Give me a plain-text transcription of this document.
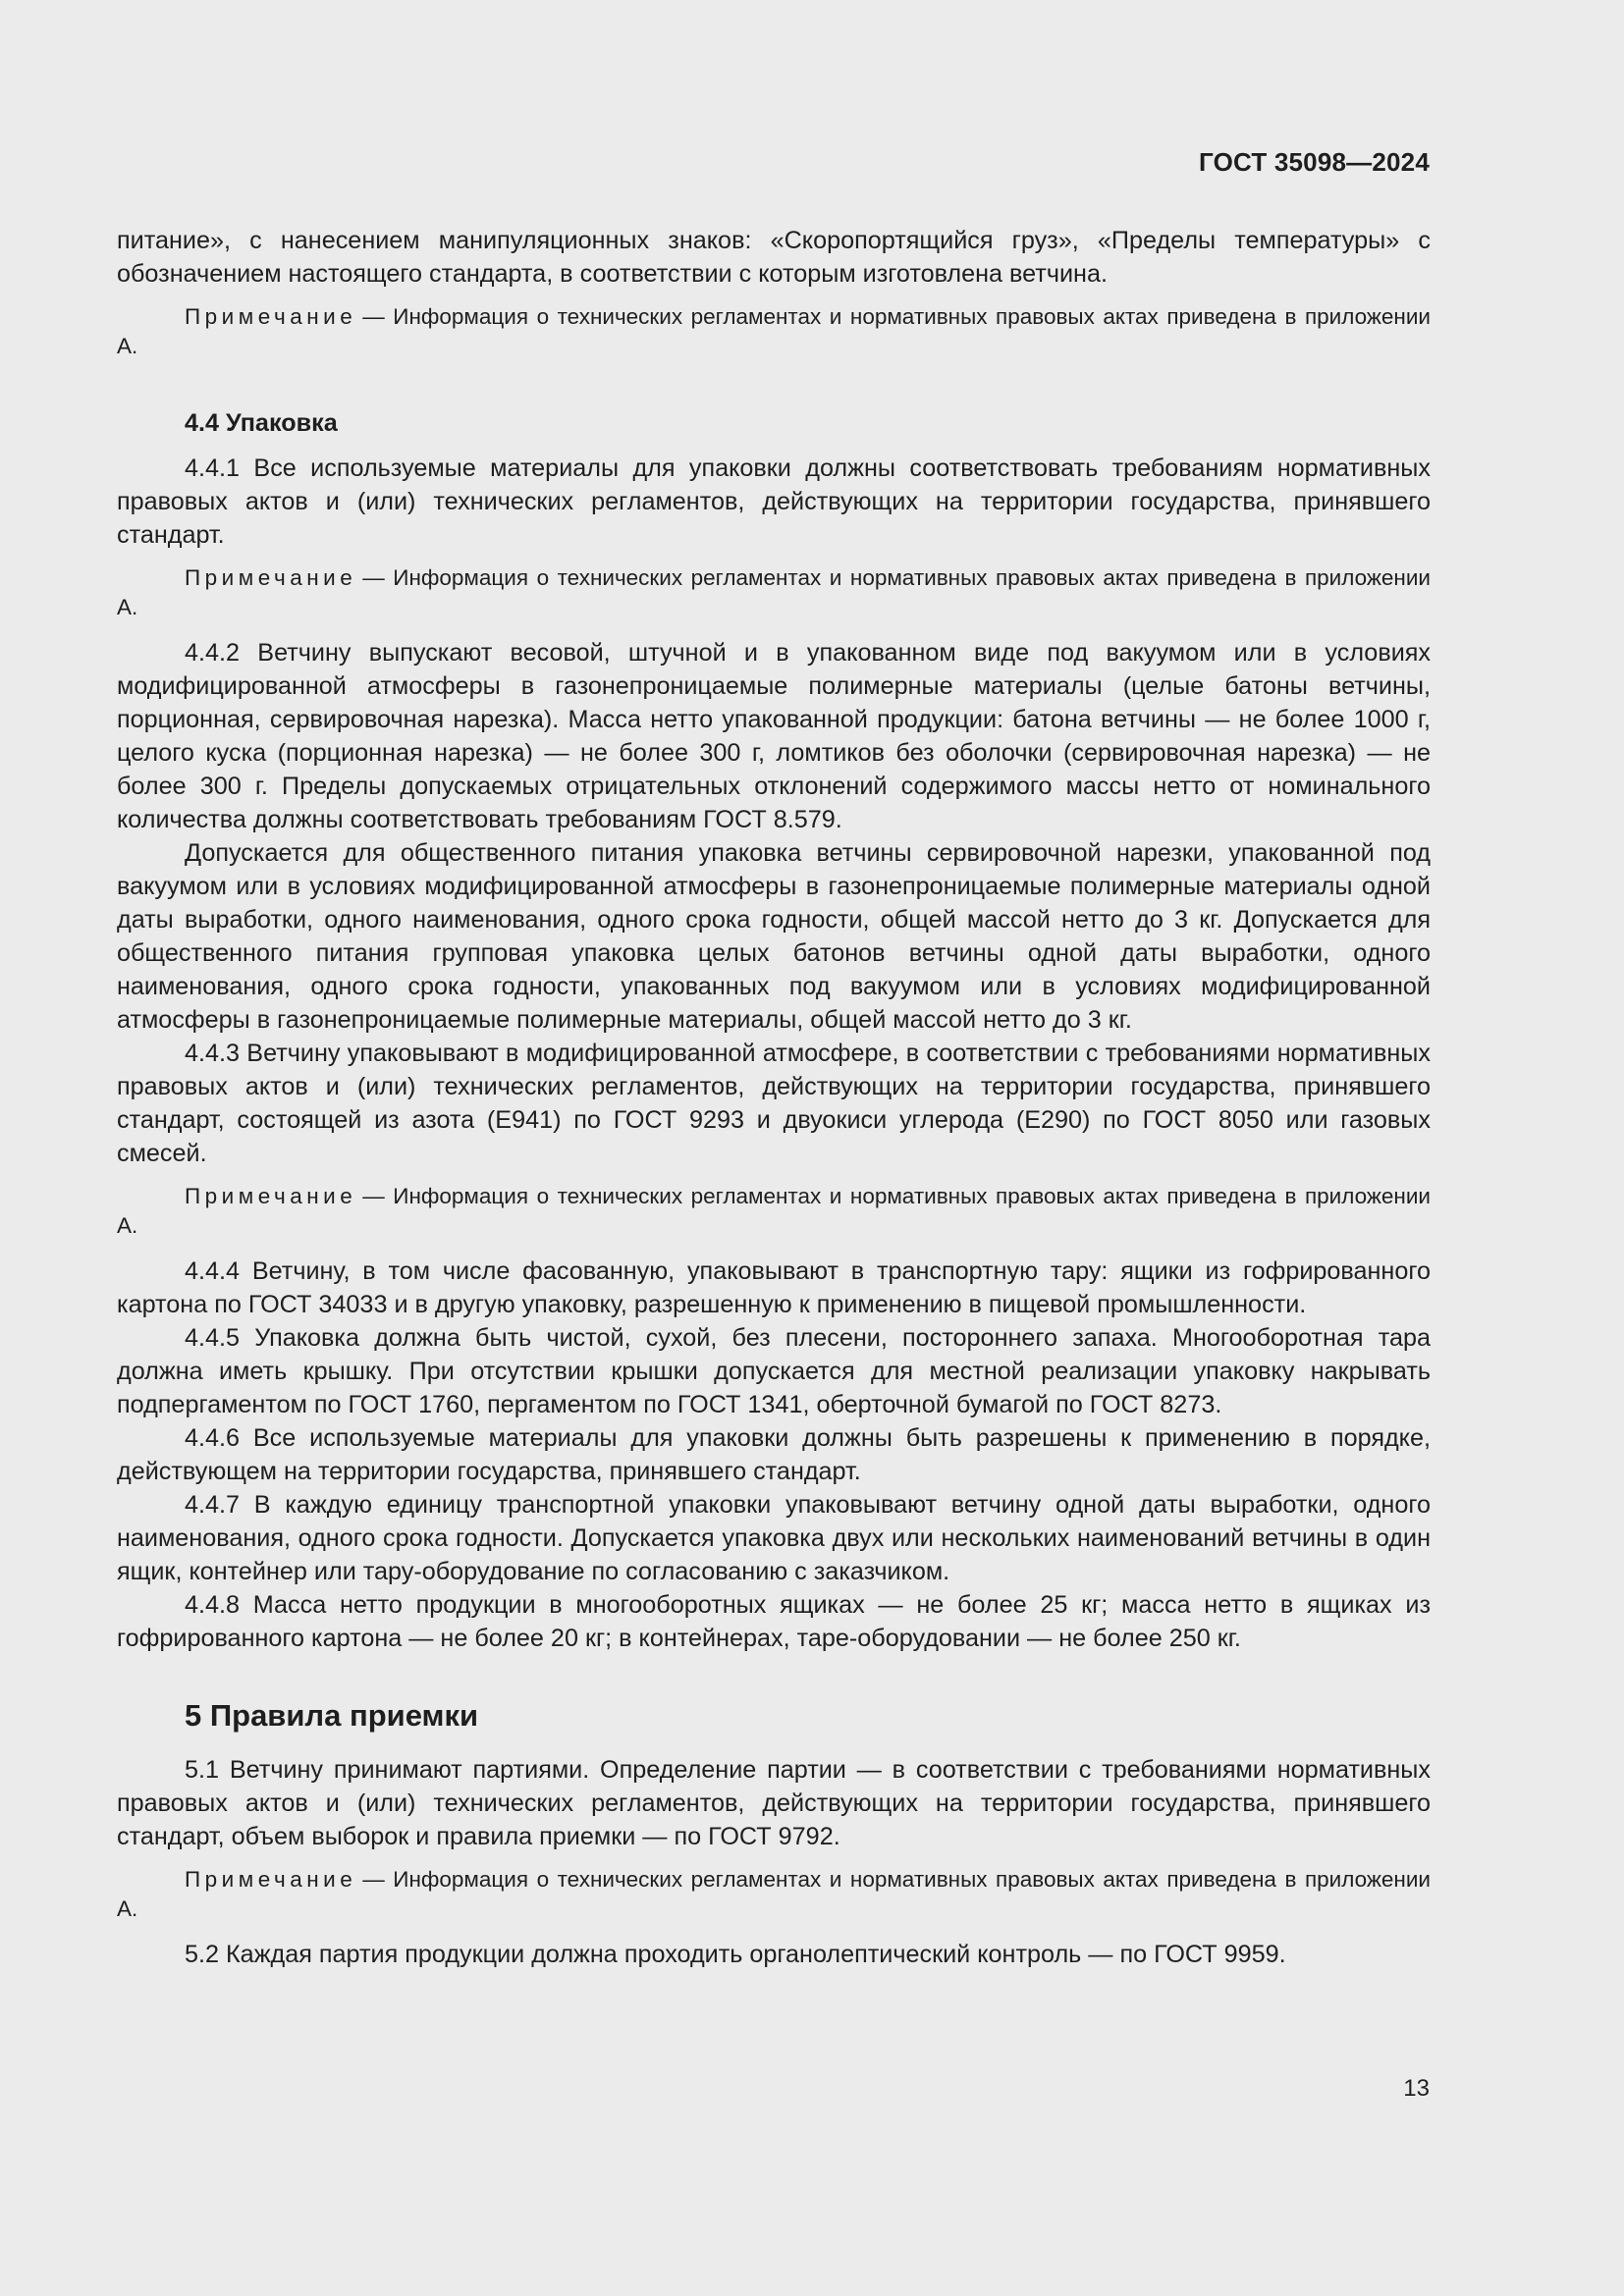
ГОСТ 35098—2024

питание», с нанесением манипуляционных знаков: «Скоропортящийся груз», «Пределы температуры» с обозначением настоящего стандарта, в соответствии с которым изготовлена ветчина.

Примечание — Информация о технических регламентах и нормативных правовых актах приведена в приложении А.

4.4 Упаковка

4.4.1 Все используемые материалы для упаковки должны соответствовать требованиям нормативных правовых актов и (или) технических регламентов, действующих на территории государства, принявшего стандарт.

Примечание — Информация о технических регламентах и нормативных правовых актах приведена в приложении А.

4.4.2 Ветчину выпускают весовой, штучной и в упакованном виде под вакуумом или в условиях модифицированной атмосферы в газонепроницаемые полимерные материалы (целые батоны ветчины, порционная, сервировочная нарезка). Масса нетто упакованной продукции: батона ветчины — не более 1000 г, целого куска (порционная нарезка) — не более 300 г, ломтиков без оболочки (сервировочная нарезка) — не более 300 г. Пределы допускаемых отрицательных отклонений содержимого массы нетто от номинального количества должны соответствовать требованиям ГОСТ 8.579.

Допускается для общественного питания упаковка ветчины сервировочной нарезки, упакованной под вакуумом или в условиях модифицированной атмосферы в газонепроницаемые полимерные материалы одной даты выработки, одного наименования, одного срока годности, общей массой нетто до 3 кг. Допускается для общественного питания групповая упаковка целых батонов ветчины одной даты выработки, одного наименования, одного срока годности, упакованных под вакуумом или в условиях модифицированной атмосферы в газонепроницаемые полимерные материалы, общей массой нетто до 3 кг.

4.4.3 Ветчину упаковывают в модифицированной атмосфере, в соответствии с требованиями нормативных правовых актов и (или) технических регламентов, действующих на территории государства, принявшего стандарт, состоящей из азота (Е941) по ГОСТ 9293 и двуокиси углерода (Е290) по ГОСТ 8050 или газовых смесей.

Примечание — Информация о технических регламентах и нормативных правовых актах приведена в приложении А.

4.4.4 Ветчину, в том числе фасованную, упаковывают в транспортную тару: ящики из гофрированного картона по ГОСТ 34033 и в другую упаковку, разрешенную к применению в пищевой промышленности.

4.4.5 Упаковка должна быть чистой, сухой, без плесени, постороннего запаха. Многооборотная тара должна иметь крышку. При отсутствии крышки допускается для местной реализации упаковку накрывать подпергаментом по ГОСТ 1760, пергаментом по ГОСТ 1341, оберточной бумагой по ГОСТ 8273.

4.4.6 Все используемые материалы для упаковки должны быть разрешены к применению в порядке, действующем на территории государства, принявшего стандарт.

4.4.7 В каждую единицу транспортной упаковки упаковывают ветчину одной даты выработки, одного наименования, одного срока годности. Допускается упаковка двух или нескольких наименований ветчины в один ящик, контейнер или тару-оборудование по согласованию с заказчиком.

4.4.8 Масса нетто продукции в многооборотных ящиках — не более 25 кг; масса нетто в ящиках из гофрированного картона — не более 20 кг; в контейнерах, таре-оборудовании — не более 250 кг.

5 Правила приемки

5.1 Ветчину принимают партиями. Определение партии — в соответствии с требованиями нормативных правовых актов и (или) технических регламентов, действующих на территории государства, принявшего стандарт, объем выборок и правила приемки — по ГОСТ 9792.

Примечание — Информация о технических регламентах и нормативных правовых актах приведена в приложении А.

5.2 Каждая партия продукции должна проходить органолептический контроль — по ГОСТ 9959.

13
